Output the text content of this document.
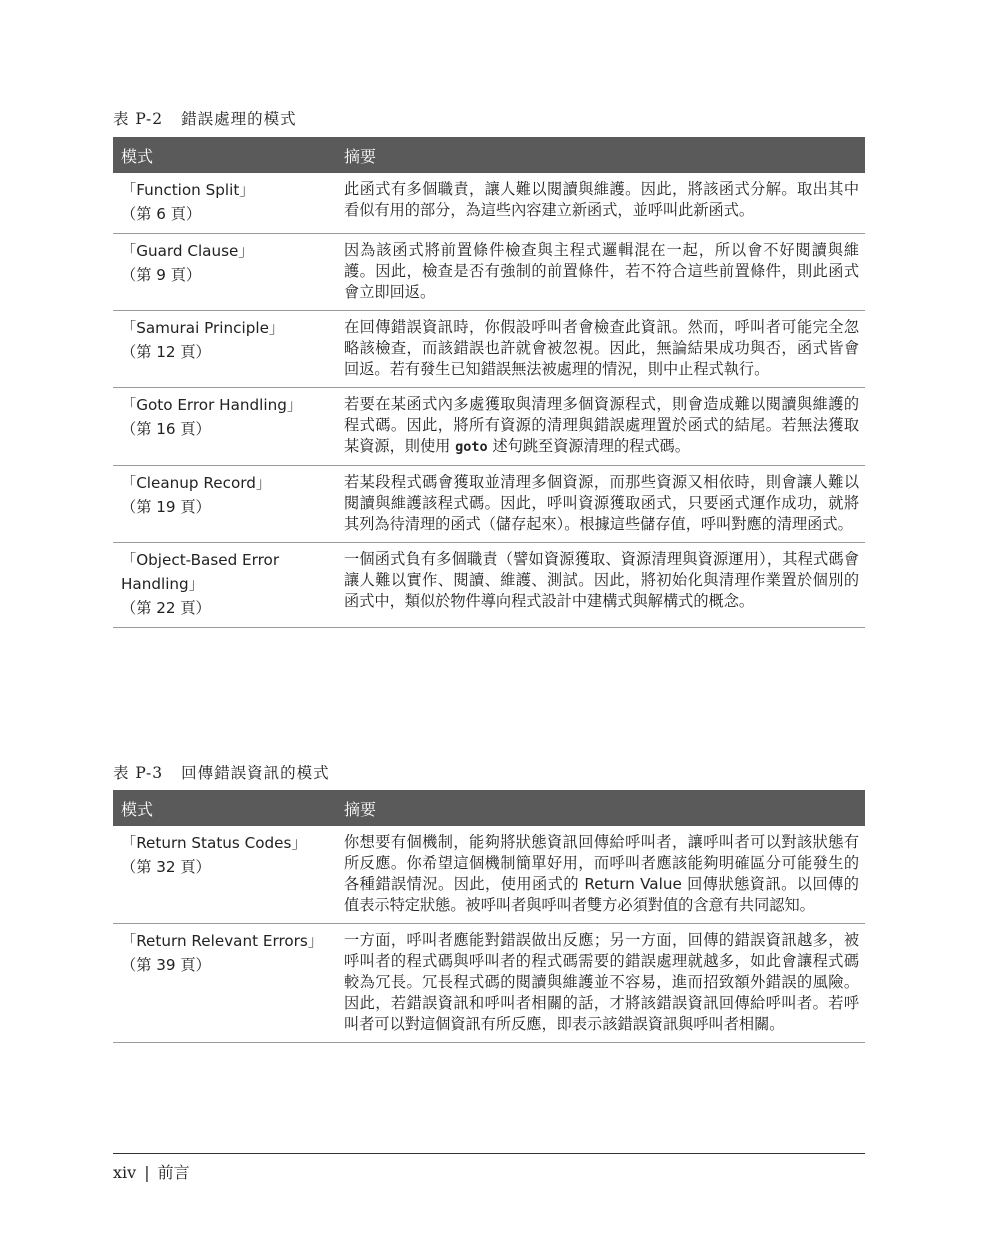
表 P-2 錯誤處理的模式
模式	摘要

「Function Split」
（第 6 頁）	此函式有多個職責，讓人難以閱讀與維護。因此，將該函式分解。取出其中看似有用的部分，為這些內容建立新函式，並呼叫此新函式。

「Guard Clause」
（第 9 頁）	因為該函式將前置條件檢查與主程式邏輯混在一起，所以會不好閱讀與維護。因此，檢查是否有強制的前置條件，若不符合這些前置條件，則此函式會立即回返。

「Samurai Principle」
（第 12 頁）	在回傳錯誤資訊時，你假設呼叫者會檢查此資訊。然而，呼叫者可能完全忽略該檢查，而該錯誤也許就會被忽視。因此，無論結果成功與否，函式皆會回返。若有發生已知錯誤無法被處理的情況，則中止程式執行。

「Goto Error Handling」
（第 16 頁）	若要在某函式內多處獲取與清理多個資源程式，則會造成難以閱讀與維護的程式碼。因此，將所有資源的清理與錯誤處理置於函式的結尾。若無法獲取某資源，則使用 goto 述句跳至資源清理的程式碼。

「Cleanup Record」
（第 19 頁）	若某段程式碼會獲取並清理多個資源，而那些資源又相依時，則會讓人難以閱讀與維護該程式碼。因此，呼叫資源獲取函式，只要函式運作成功，就將其列為待清理的函式（儲存起來）。根據這些儲存值，呼叫對應的清理函式。

「Object-Based Error Handling」
（第 22 頁）	一個函式負有多個職責（譬如資源獲取、資源清理與資源運用），其程式碼會讓人難以實作、閱讀、維護、測試。因此，將初始化與清理作業置於個別的函式中，類似於物件導向程式設計中建構式與解構式的概念。
表 P-3 回傳錯誤資訊的模式
模式	摘要

「Return Status Codes」
（第 32 頁）	你想要有個機制，能夠將狀態資訊回傳給呼叫者，讓呼叫者可以對該狀態有所反應。你希望這個機制簡單好用，而呼叫者應該能夠明確區分可能發生的各種錯誤情況。因此，使用函式的 Return Value 回傳狀態資訊。以回傳的值表示特定狀態。被呼叫者與呼叫者雙方必須對值的含意有共同認知。

「Return Relevant Errors」
（第 39 頁）	一方面，呼叫者應能對錯誤做出反應；另一方面，回傳的錯誤資訊越多，被呼叫者的程式碼與呼叫者的程式碼需要的錯誤處理就越多，如此會讓程式碼較為冗長。冗長程式碼的閱讀與維護並不容易，進而招致額外錯誤的風險。因此，若錯誤資訊和呼叫者相關的話，才將該錯誤資訊回傳給呼叫者。若呼叫者可以對這個資訊有所反應，即表示該錯誤資訊與呼叫者相關。
xiv | 前言
